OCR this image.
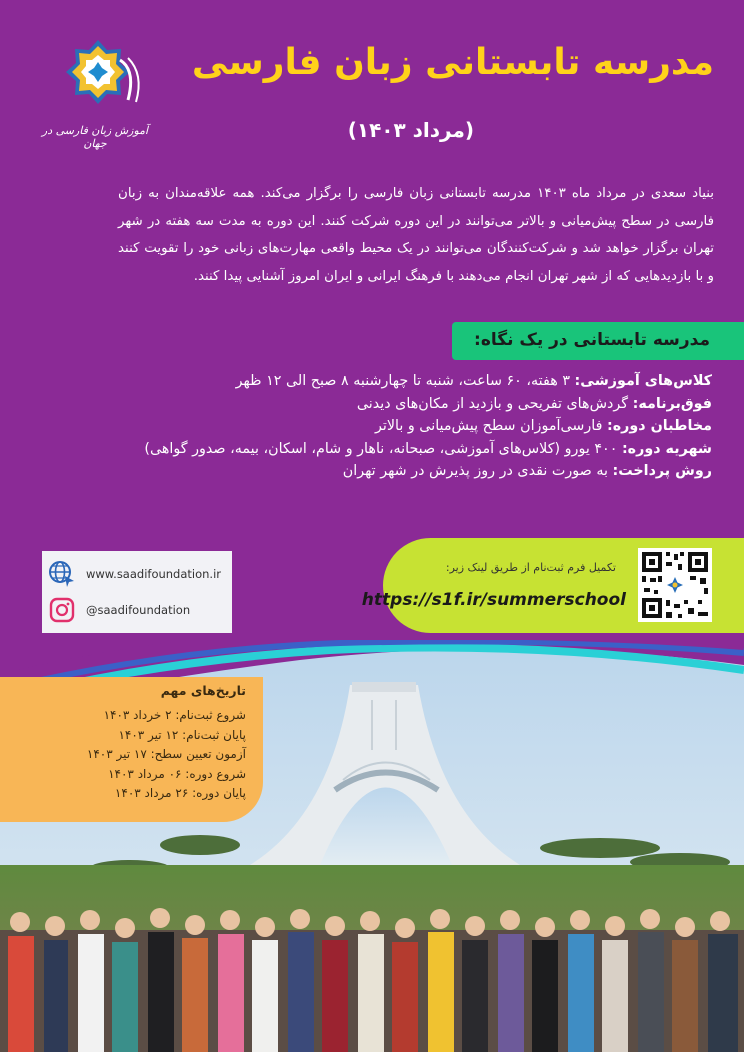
آموزش زبان فارسی در جهان
مدرسه تابستانی زبان فارسی
(مرداد ۱۴۰۳)
بنیاد سعدی در مرداد ماه ۱۴۰۳ مدرسه تابستانی زبان فارسی را برگزار می‌کند. همه علاقه‌مندان به زبان فارسی در سطح پیش‌میانی و بالاتر می‌توانند در این دوره شرکت کنند. این دوره به مدت سه هفته در شهر تهران برگزار خواهد شد و شرکت‌کنندگان می‌توانند در یک محیط واقعی مهارت‌های زبانی خود را تقویت کنند و با بازدیدهایی که از شهر تهران انجام می‌دهند با فرهنگ ایرانی و ایران امروز آشنایی پیدا کنند.
مدرسه تابستانی در یک نگاه:
کلاس‌های آموزشی: ۳ هفته، ۶۰ ساعت، شنبه تا چهارشنبه ۸ صبح الی ۱۲ ظهر
فوق‌برنامه: گردش‌های تفریحی و بازدید از مکان‌های دیدنی
مخاطبان دوره: فارسی‌آموزان سطح پیش‌میانی و بالاتر
شهریه دوره: ۴۰۰ یورو (کلاس‌های آموزشی، صبحانه، ناهار و شام، اسکان، بیمه، صدور گواهی)
روش پرداخت: به صورت نقدی در روز پذیرش در شهر تهران
www.saadifoundation.ir
@saadifoundation
تکمیل فرم ثبت‌نام از طریق لینک زیر:
https://s1f.ir/summerschool
تاریخ‌های مهم
شروع ثبت‌نام: ۲ خرداد ۱۴۰۳
پایان ثبت‌نام: ۱۲ تیر ۱۴۰۳
آزمون تعیین سطح: ۱۷ تیر ۱۴۰۳
شروع دوره: ۰۶ مرداد ۱۴۰۳
پایان دوره: ۲۶ مرداد ۱۴۰۳
